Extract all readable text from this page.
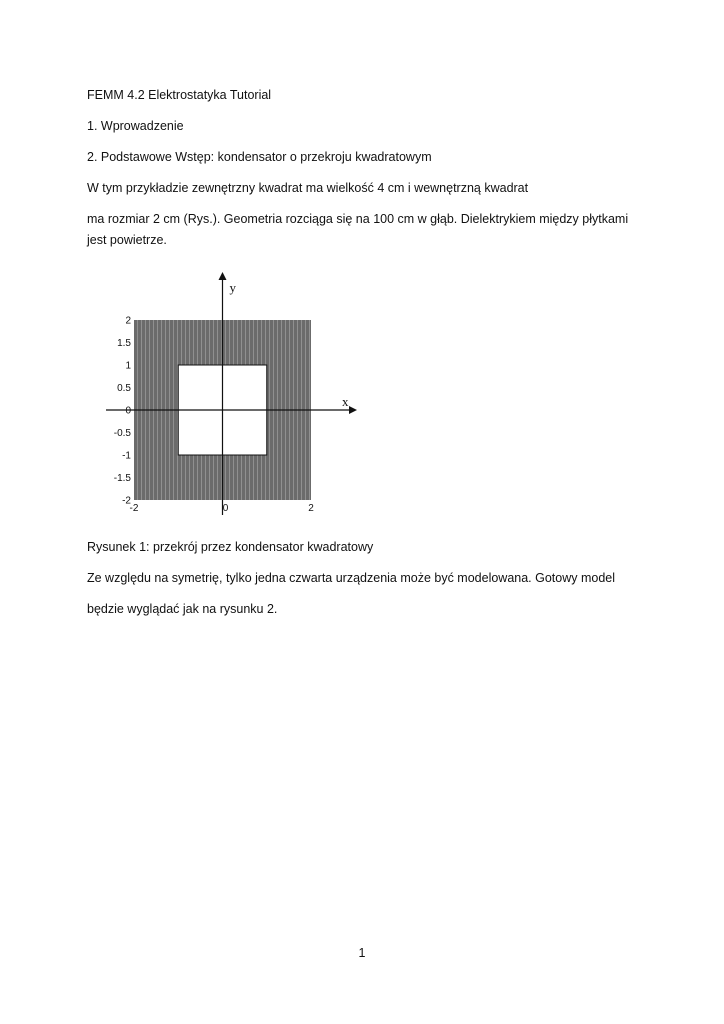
FEMM 4.2 Elektrostatyka Tutorial

1. Wprowadzenie

2. Podstawowe Wstęp: kondensator o przekroju kwadratowym

W tym przykładzie zewnętrzny kwadrat ma wielkość 4 cm i wewnętrzną kwadrat

ma rozmiar 2 cm (Rys.). Geometria rozciąga się na 100 cm w głąb. Dielektrykiem między płytkami jest powietrze.

x
y
-2	0	2
2
1.5
1
0.5
0
-0.5
-1
-1.5
-2

Rysunek 1: przekrój przez kondensator kwadratowy

Ze względu na symetrię, tylko jedna czwarta urządzenia może być modelowana. Gotowy model

będzie wyglądać jak na rysunku 2.

1
